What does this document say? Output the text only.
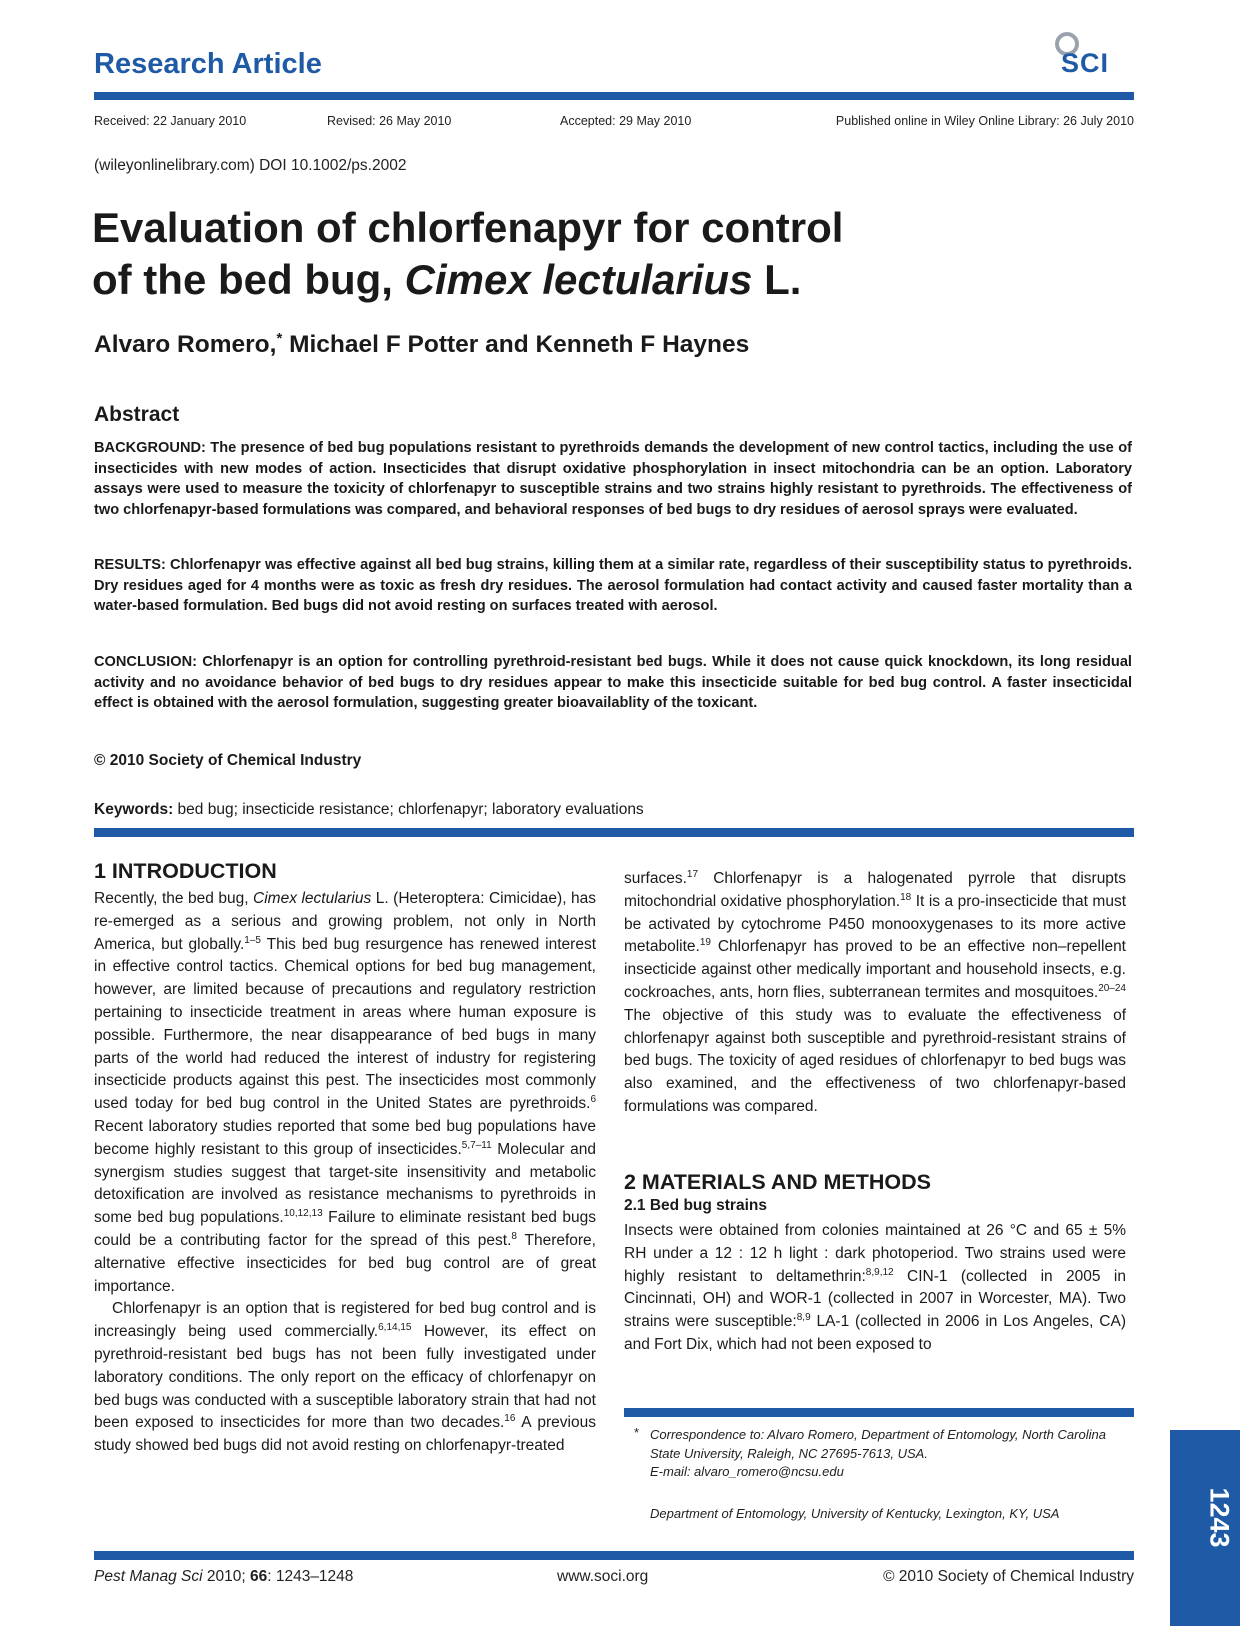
Research Article	SCI
Received: 22 January 2010	Revised: 26 May 2010	Accepted: 29 May 2010	Published online in Wiley Online Library: 26 July 2010
(wileyonlinelibrary.com) DOI 10.1002/ps.2002
Evaluation of chlorfenapyr for control
of the bed bug, Cimex lectularius L.
Alvaro Romero,* Michael F Potter and Kenneth F Haynes
Abstract
BACKGROUND: The presence of bed bug populations resistant to pyrethroids demands the development of new control tactics, including the use of insecticides with new modes of action. Insecticides that disrupt oxidative phosphorylation in insect mitochondria can be an option. Laboratory assays were used to measure the toxicity of chlorfenapyr to susceptible strains and two strains highly resistant to pyrethroids. The effectiveness of two chlorfenapyr-based formulations was compared, and behavioral responses of bed bugs to dry residues of aerosol sprays were evaluated.
RESULTS: Chlorfenapyr was effective against all bed bug strains, killing them at a similar rate, regardless of their susceptibility status to pyrethroids. Dry residues aged for 4 months were as toxic as fresh dry residues. The aerosol formulation had contact activity and caused faster mortality than a water-based formulation. Bed bugs did not avoid resting on surfaces treated with aerosol.
CONCLUSION: Chlorfenapyr is an option for controlling pyrethroid-resistant bed bugs. While it does not cause quick knockdown, its long residual activity and no avoidance behavior of bed bugs to dry residues appear to make this insecticide suitable for bed bug control. A faster insecticidal effect is obtained with the aerosol formulation, suggesting greater bioavailablity of the toxicant.
© 2010 Society of Chemical Industry
Keywords: bed bug; insecticide resistance; chlorfenapyr; laboratory evaluations
1 INTRODUCTION

Recently, the bed bug, Cimex lectularius L. (Heteroptera: Cimicidae), has re-emerged as a serious and growing problem, not only in North America, but globally.$^{1-5}$ This bed bug resurgence has renewed interest in effective control tactics. Chemical options for bed bug management, however, are limited because of precautions and regulatory restriction pertaining to insecticide treatment in areas where human exposure is possible. Furthermore, the near disappearance of bed bugs in many parts of the world had reduced the interest of industry for registering insecticide products against this pest. The insecticides most commonly used today for bed bug control in the United States are pyrethroids.$^6$ Recent laboratory studies reported that some bed bug populations have become highly resistant to this group of insecticides.$^{5,7-11}$ Molecular and synergism studies suggest that target-site insensitivity and metabolic detoxification are involved as resistance mechanisms to pyrethroids in some bed bug populations.$^{10,12,13}$ Failure to eliminate resistant bed bugs could be a contributing factor for the spread of this pest.$^8$ Therefore, alternative effective insecticides for bed bug control are of great importance.

Chlorfenapyr is an option that is registered for bed bug control and is increasingly being used commercially.$^{6,14,15}$ However, its effect on pyrethroid-resistant bed bugs has not been fully investigated under laboratory conditions. The only report on the efficacy of chlorfenapyr on bed bugs was conducted with a susceptible laboratory strain that had not been exposed to insecticides for more than two decades.$^{16}$ A previous study showed bed bugs did not avoid resting on chlorfenapyr-treated

surfaces.$^{17}$ Chlorfenapyr is a halogenated pyrrole that disrupts mitochondrial oxidative phosphorylation.$^{18}$ It is a pro-insecticide that must be activated by cytochrome P450 monooxygenases to its more active metabolite.$^{19}$ Chlorfenapyr has proved to be an effective non–repellent insecticide against other medically important and household insects, e.g. cockroaches, ants, horn flies, subterranean termites and mosquitoes.$^{20-24}$ The objective of this study was to evaluate the effectiveness of chlorfenapyr against both susceptible and pyrethroid-resistant strains of bed bugs. The toxicity of aged residues of chlorfenapyr to bed bugs was also examined, and the effectiveness of two chlorfenapyr-based formulations was compared.

2 MATERIALS AND METHODS
2.1 Bed bug strains

Insects were obtained from colonies maintained at 26 °C and 65 ± 5% RH under a 12 : 12 h light : dark photoperiod. Two strains used were highly resistant to deltamethrin:$^{8,9,12}$ CIN-1 (collected in 2005 in Cincinnati, OH) and WOR-1 (collected in 2007 in Worcester, MA). Two strains were susceptible:$^{8,9}$ LA-1 (collected in 2006 in Los Angeles, CA) and Fort Dix, which had not been exposed to

* Correspondence to: Alvaro Romero, Department of Entomology, North Carolina State University, Raleigh, NC 27695-7613, USA.
E-mail: alvaro_romero@ncsu.edu
Department of Entomology, University of Kentucky, Lexington, KY, USA	1243
Pest Manag Sci 2010; 66: 1243–1248	www.soci.org	© 2010 Society of Chemical Industry
